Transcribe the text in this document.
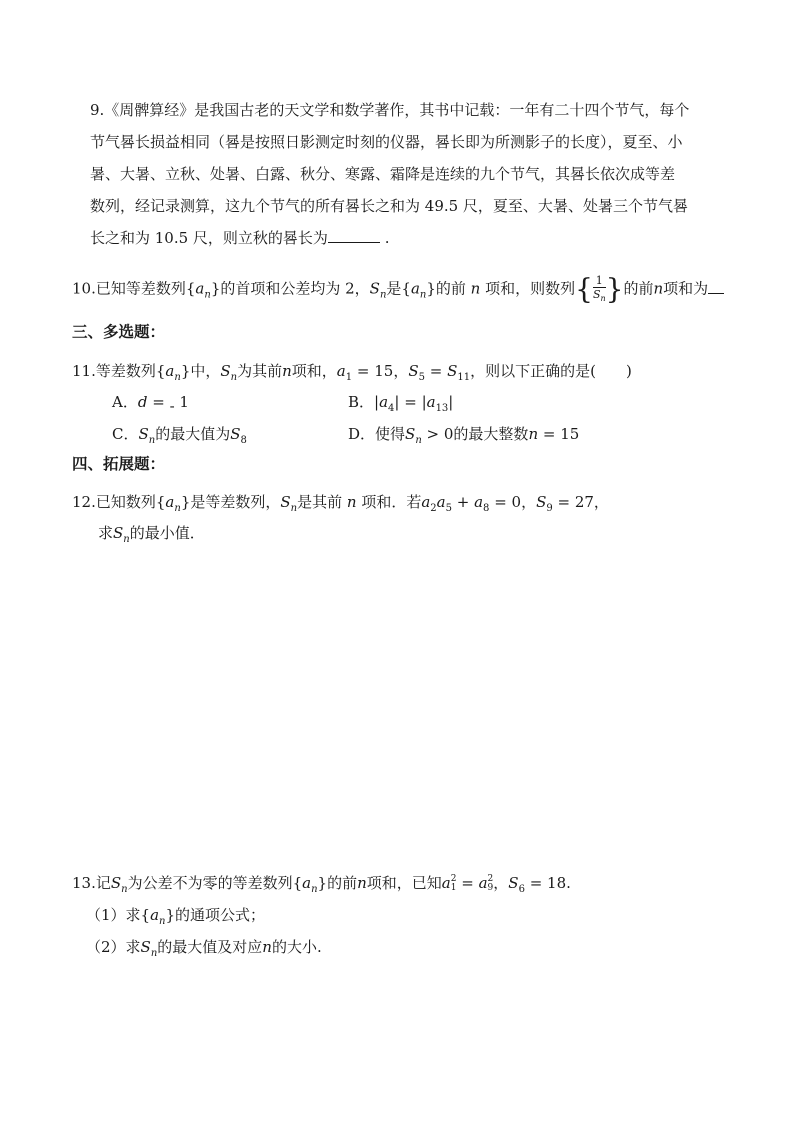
9.《周髀算经》是我国古老的天文学和数学著作，其书中记载：一年有二十四个节气，每个
节气晷长损益相同（晷是按照日影测定时刻的仪器，晷长即为所测影子的长度），夏至、小
暑、大暑、立秋、处暑、白露、秋分、寒露、霜降是连续的九个节气，其晷长依次成等差
数列，经记录测算，这九个节气的所有晷长之和为 49.5 尺，夏至、大暑、处暑三个节气晷
长之和为 10.5 尺，则立秋的晷长为	.
10.已知等差数列$\{a_n\}$的首项和公差均为 2，$S_n$是$\{a_n\}$的前 n 项和，则数列{ $\frac{1}{S_n}$ }的前n项和为
三、多选题：
11.等差数列$\{a_n\}$中，$S_n$为其前n项和，$a_1 = 15$，$S_5 = S_{11}$，则以下正确的是(　　)
A．d = - 1	B．$|a_4| = |a_{13}|$
C．$S_n$的最大值为$S_8$	D．使得$S_n > 0$的最大整数n = 15
四、拓展题：
12.已知数列$\{a_n\}$是等差数列，$S_n$是其前 n 项和．若$a_2a_5 + a_8 = 0$，$S_9 = 27$，
求$S_n$的最小值．
13.记$S_n$为公差不为零的等差数列$\{a_n\}$的前n项和，已知a 2
1 = a 2
9 ，$S_6 = 18$.
（1）求$\{a_n\}$的通项公式；
（2）求$S_n$的最大值及对应n的大小.
